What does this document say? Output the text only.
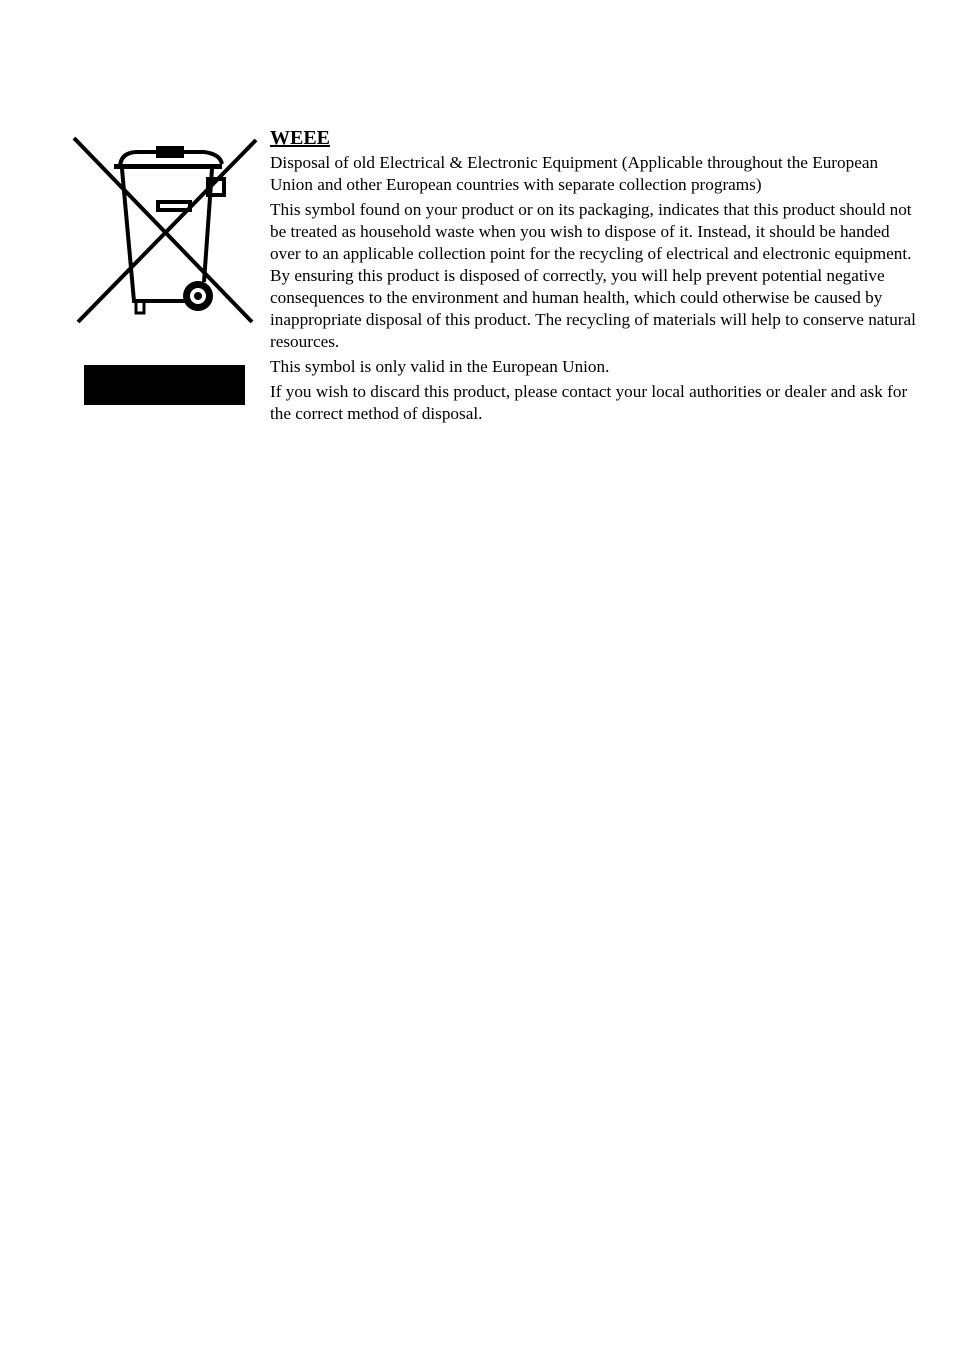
WEEE

Disposal of old Electrical & Electronic Equipment (Applicable throughout the European Union and other European countries with separate collection programs)

This symbol found on your product or on its packaging, indicates that this product should not be treated as household waste when you wish to dispose of it. Instead, it should be handed over to an applicable collection point for the recycling of electrical and electronic equipment. By ensuring this product is disposed of correctly, you will help prevent potential negative consequences to the environment and human health, which could otherwise be caused by inappropriate disposal of this product. The recycling of materials will help to conserve natural resources.

This symbol is only valid in the European Union.

If you wish to discard this product, please contact your local authorities or dealer and ask for the correct method of disposal.
